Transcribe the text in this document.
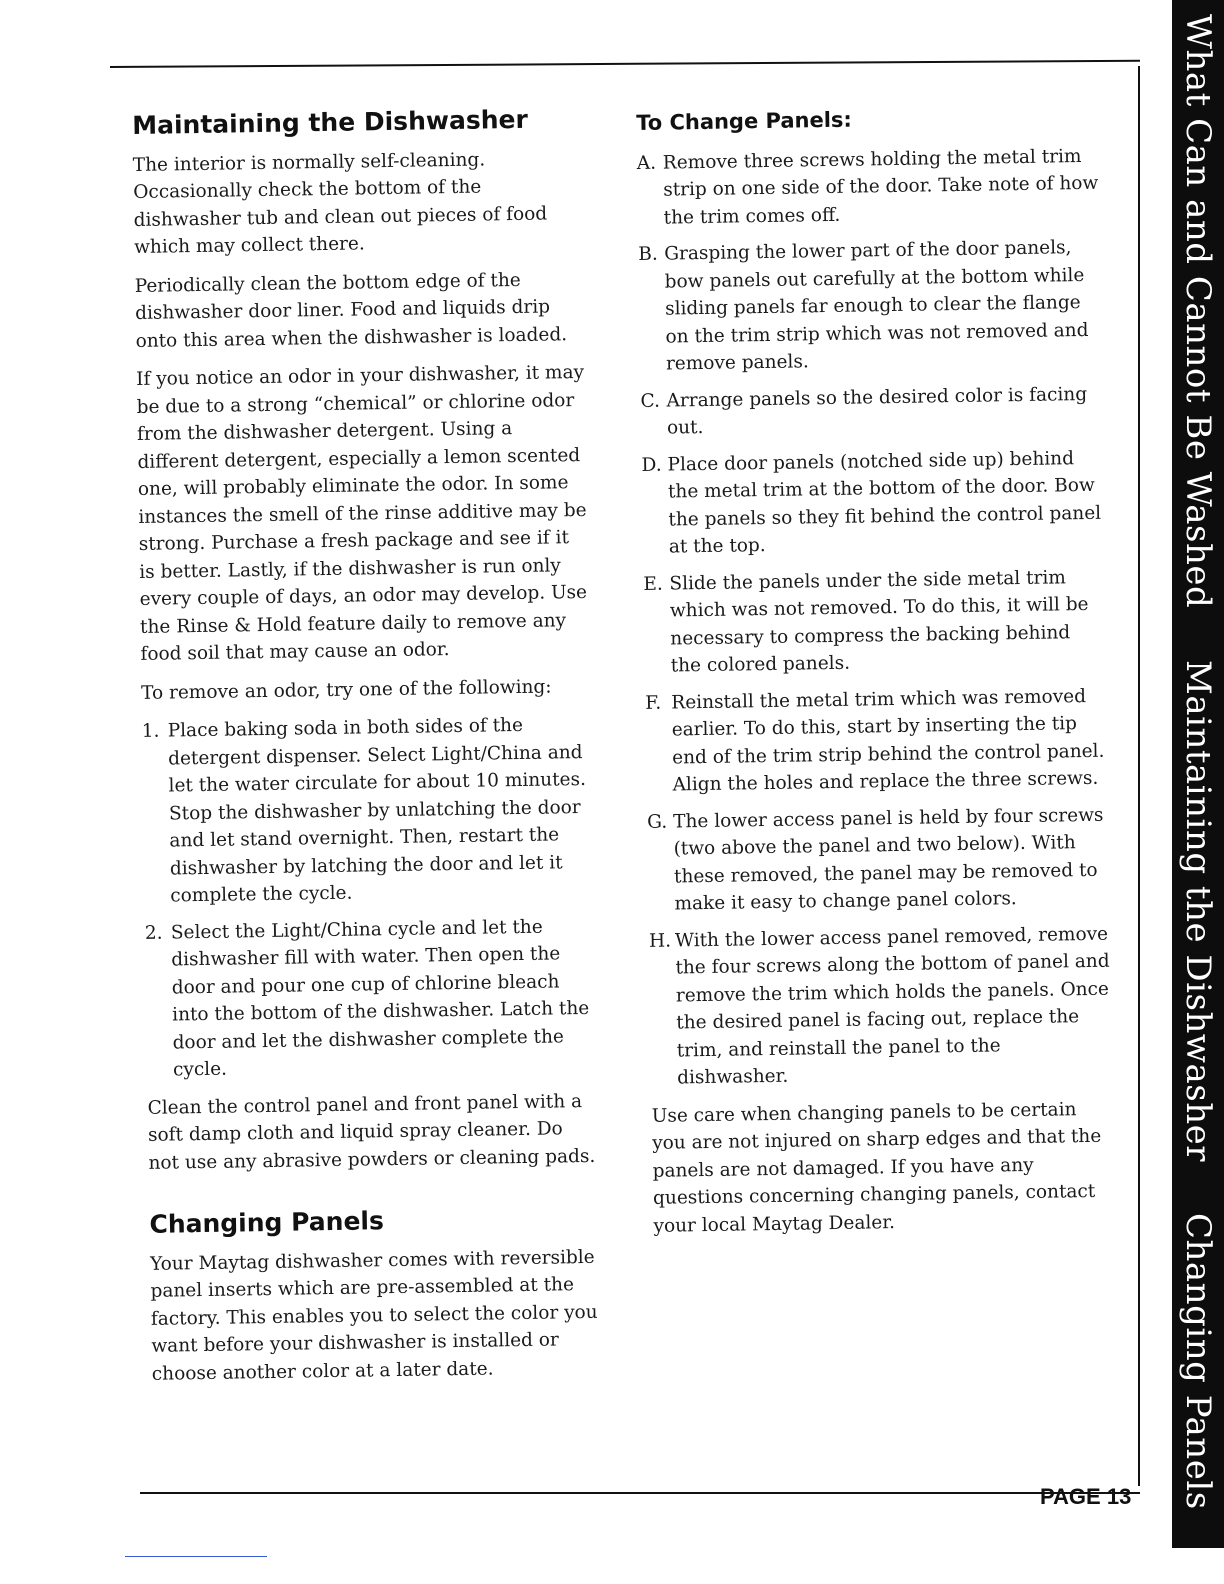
What Can and Cannot Be Washed Maintaining the Dishwasher Changing Panels
Maintaining the Dishwasher

The interior is normally self-cleaning. Occasionally check the bottom of the dishwasher tub and clean out pieces of food which may collect there.

Periodically clean the bottom edge of the dishwasher door liner. Food and liquids drip onto this area when the dishwasher is loaded.

If you notice an odor in your dishwasher, it may be due to a strong “chemical” or chlorine odor from the dishwasher detergent. Using a different detergent, especially a lemon scented one, will probably eliminate the odor. In some instances the smell of the rinse additive may be strong. Purchase a fresh package and see if it is better. Lastly, if the dishwasher is run only every couple of days, an odor may develop. Use the Rinse & Hold feature daily to remove any food soil that may cause an odor.

To remove an odor, try one of the following:

1. Place baking soda in both sides of the detergent dispenser. Select Light/China and let the water circulate for about 10 minutes. Stop the dishwasher by unlatching the door and let stand overnight. Then, restart the dishwasher by latching the door and let it complete the cycle.
2. Select the Light/China cycle and let the dishwasher fill with water. Then open the door and pour one cup of chlorine bleach into the bottom of the dishwasher. Latch the door and let the dishwasher complete the cycle.

Clean the control panel and front panel with a soft damp cloth and liquid spray cleaner. Do not use any abrasive powders or cleaning pads.

Changing Panels

Your Maytag dishwasher comes with reversible panel inserts which are pre-assembled at the factory. This enables you to select the color you want before your dishwasher is installed or choose another color at a later date.

To Change Panels:
A. Remove three screws holding the metal trim strip on one side of the door. Take note of how the trim comes off.
B. Grasping the lower part of the door panels, bow panels out carefully at the bottom while sliding panels far enough to clear the flange on the trim strip which was not removed and remove panels.
C. Arrange panels so the desired color is facing out.
D. Place door panels (notched side up) behind the metal trim at the bottom of the door. Bow the panels so they fit behind the control panel at the top.
E. Slide the panels under the side metal trim which was not removed. To do this, it will be necessary to compress the backing behind the colored panels.
F. Reinstall the metal trim which was removed earlier. To do this, start by inserting the tip end of the trim strip behind the control panel. Align the holes and replace the three screws.
G. The lower access panel is held by four screws (two above the panel and two below). With these removed, the panel may be removed to make it easy to change panel colors.
H. With the lower access panel removed, remove the four screws along the bottom of panel and remove the trim which holds the panels. Once the desired panel is facing out, replace the trim, and reinstall the panel to the dishwasher.

Use care when changing panels to be certain you are not injured on sharp edges and that the panels are not damaged. If you have any questions concerning changing panels, contact your local Maytag Dealer.

PAGE 13
